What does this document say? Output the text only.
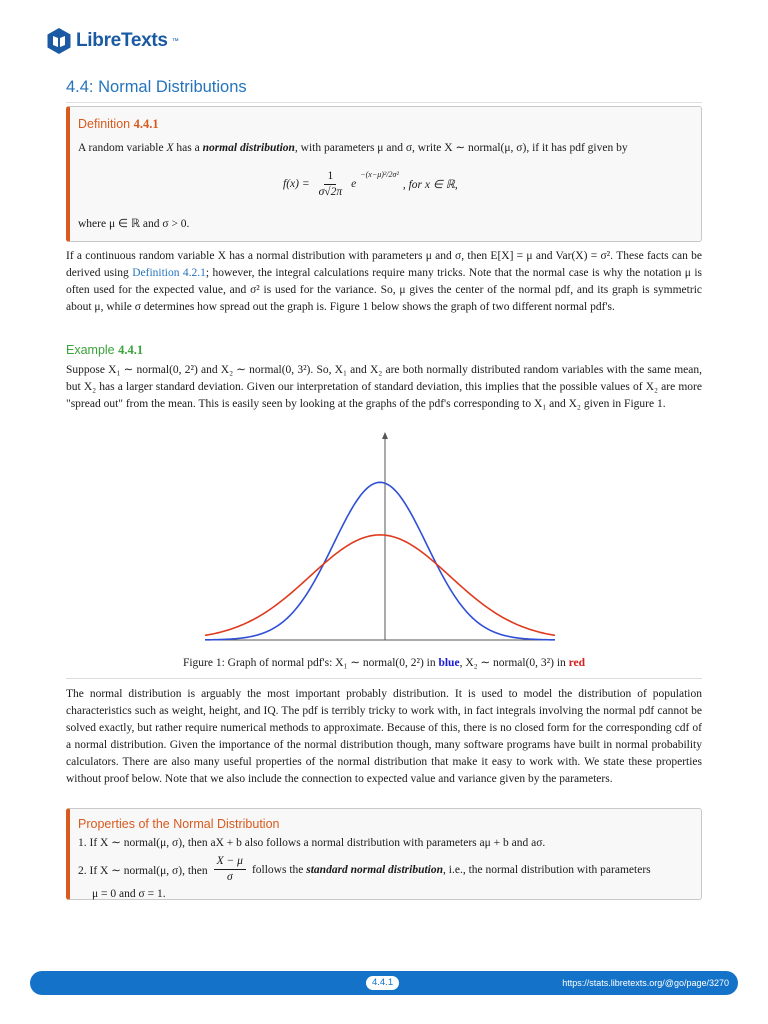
LibreTexts ™
4.4: Normal Distributions
Definition 4.4.1
A random variable X has a normal distribution, with parameters μ and σ, write X ∼ normal(μ, σ), if it has pdf given by
$f(x) = \frac{1}{\sigma√2\pi}$ e
−(x−μ)²/2σ²
, for x ∈ ℝ,
where μ ∈ ℝ and σ > 0.
If a continuous random variable X has a normal distribution with parameters μ and σ, then E[X] = μ and Var(X) = σ². These facts can be derived using Definition 4.2.1; however, the integral calculations require many tricks. Note that the normal case is why the notation μ is often used for the expected value, and σ² is used for the variance. So, μ gives the center of the normal pdf, and its graph is symmetric about μ, while σ determines how spread out the graph is. Figure 1 below shows the graph of two different normal pdf's.
Example 4.4.1
Suppose X₁ ∼ normal(0, 2²) and X₂ ∼ normal(0, 3²). So, X₁ and X₂ are both normally distributed random variables with the same mean, but X₂ has a larger standard deviation. Given our interpretation of standard deviation, this implies that the possible values of X₂ are more "spread out" from the mean. This is easily seen by looking at the graphs of the pdf's corresponding to X₁ and X₂ given in Figure 1.
Figure 1: Graph of normal pdf's: X₁ ∼ normal(0, 2²) in blue, X₂ ∼ normal(0, 3²) in red
The normal distribution is arguably the most important probably distribution. It is used to model the distribution of population characteristics such as weight, height, and IQ. The pdf is terribly tricky to work with, in fact integrals involving the normal pdf cannot be solved exactly, but rather require numerical methods to approximate. Because of this, there is no closed form for the corresponding cdf of a normal distribution. Given the importance of the normal distribution though, many software programs have built in normal probability calculators. There are also many useful properties of the normal distribution that make it easy to work with. We state these properties without proof below. Note that we also include the connection to expected value and variance given by the parameters.
Properties of the Normal Distribution
1. If X ∼ normal(μ, σ), then aX + b also follows a normal distribution with parameters aμ + b and aσ.
2. If X ∼ normal(μ, σ), then $\frac{X - \mu}{\sigma}$ follows the
standard normal distribution , i.e., the normal distribution with parameters
μ = 0 and σ = 1.
4.4.1	https://stats.libretexts.org/@go/page/3270
